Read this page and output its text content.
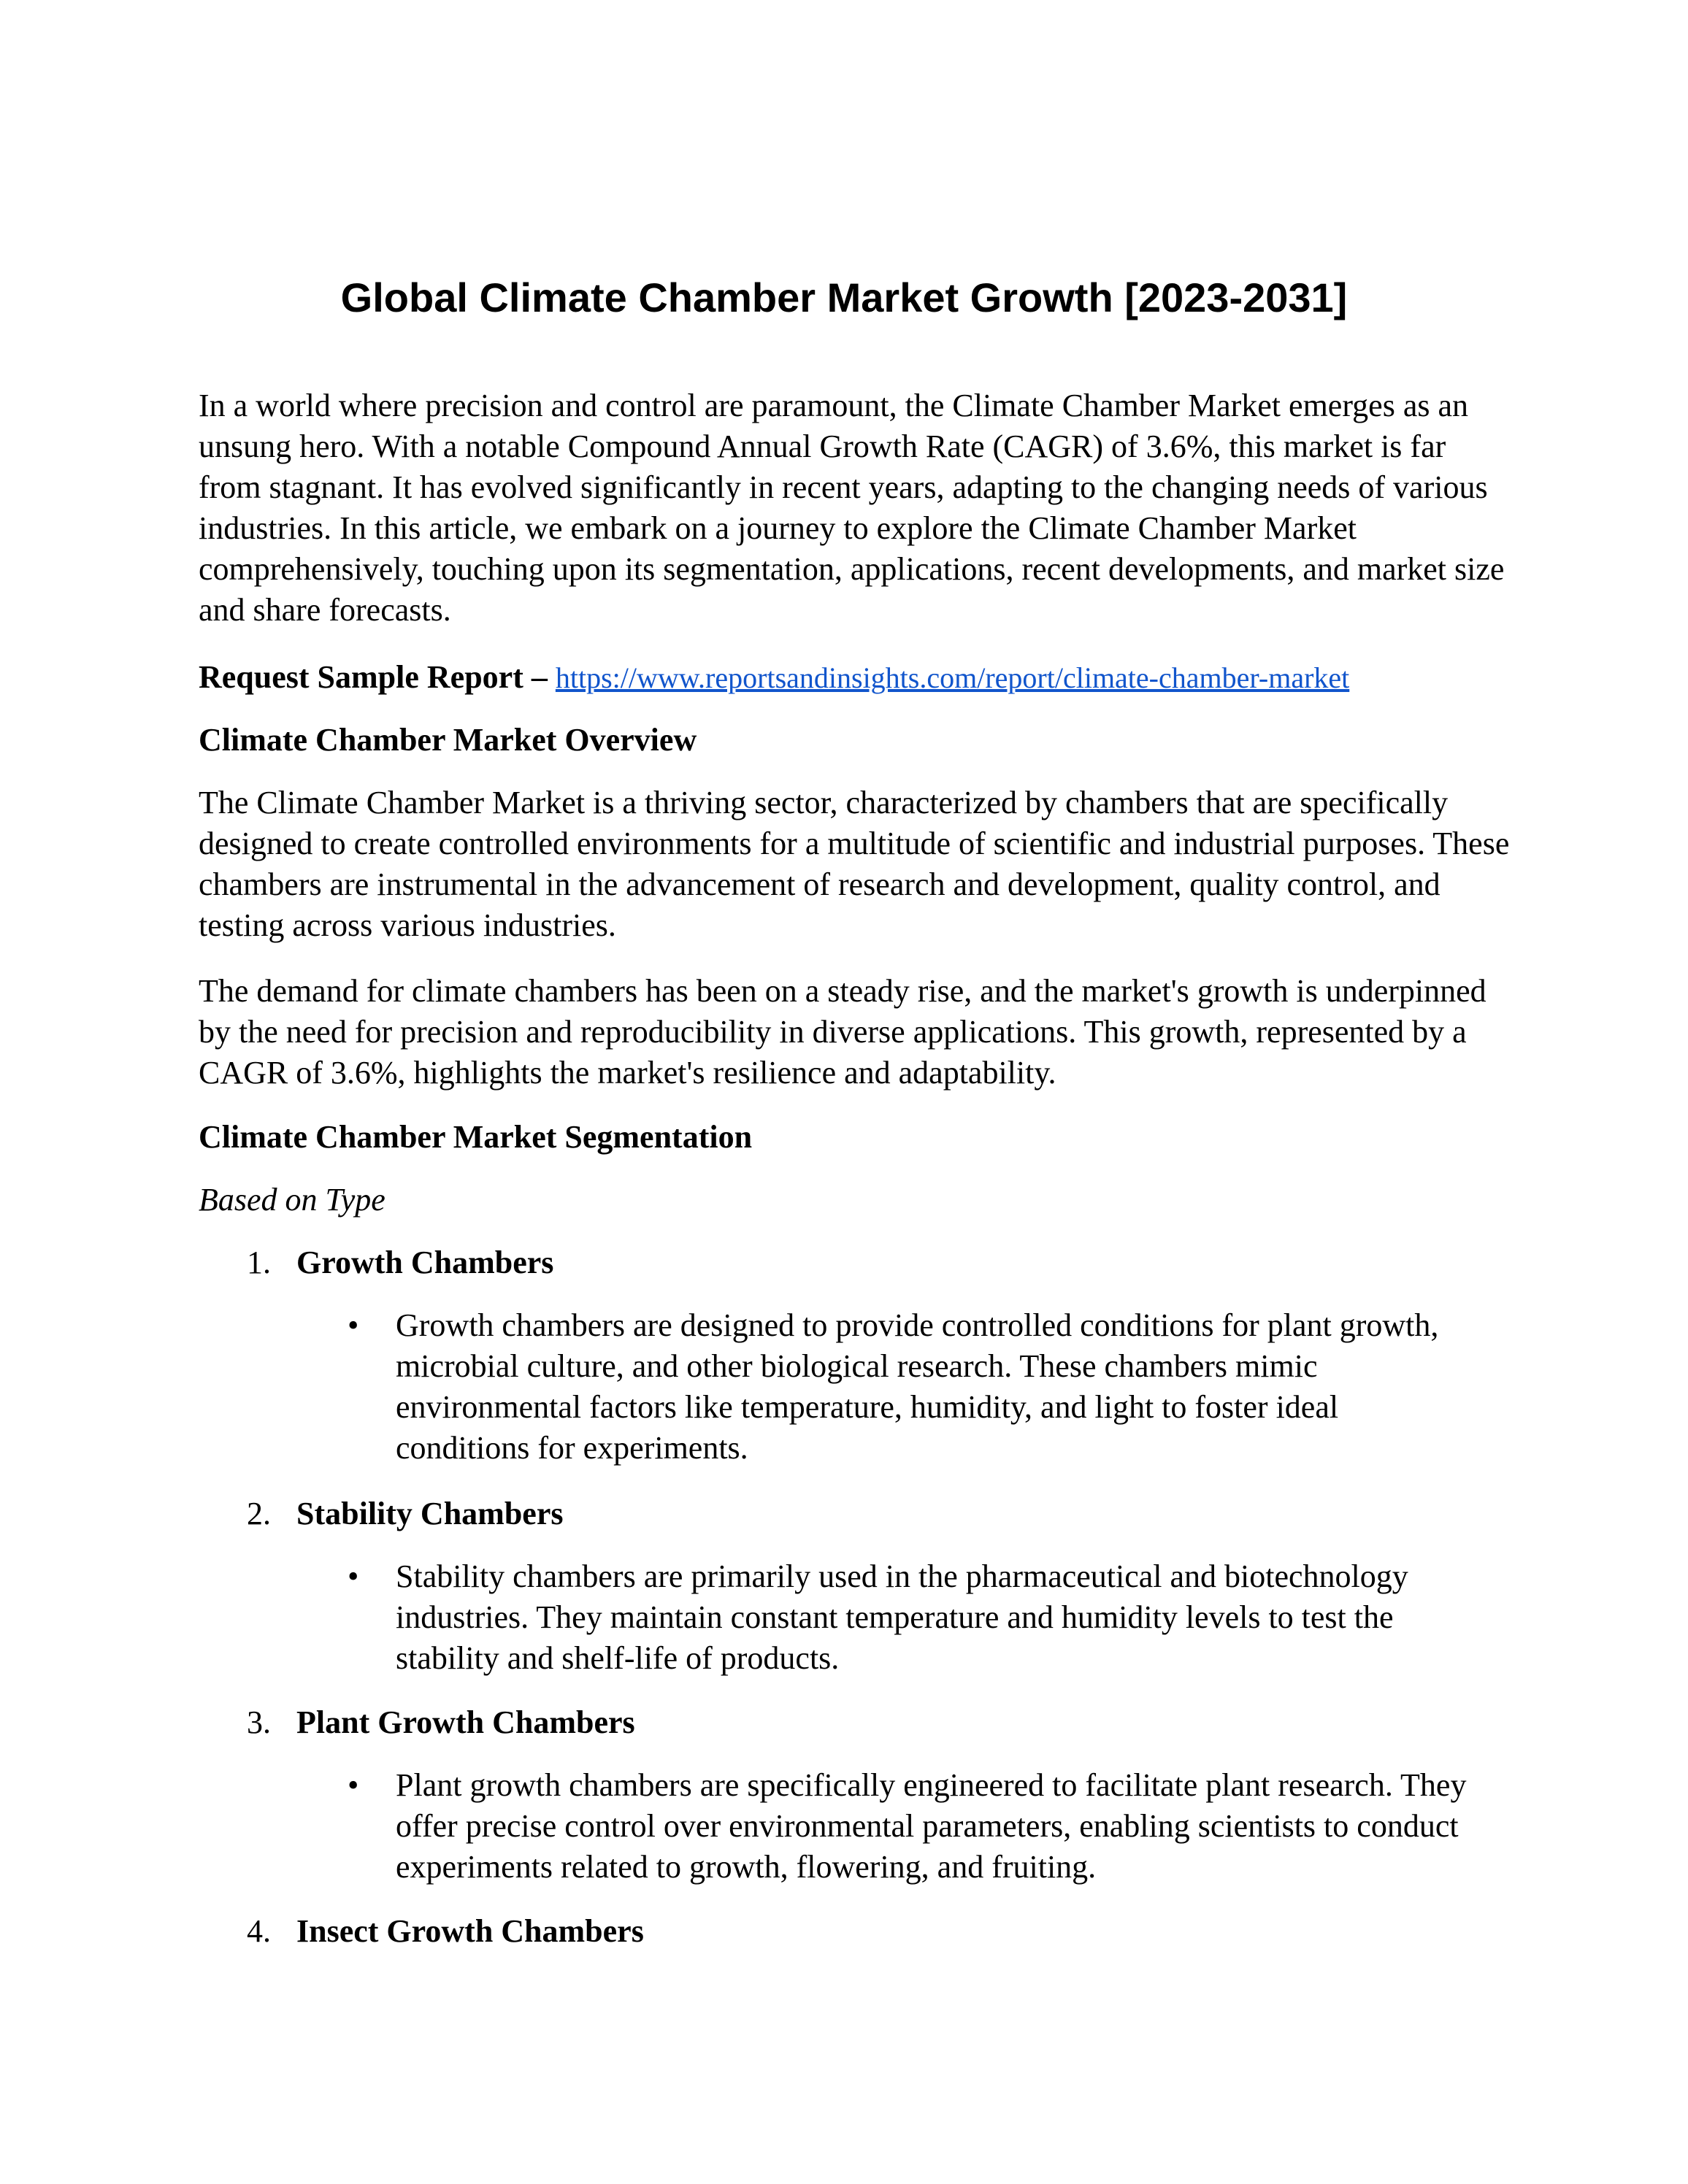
Global Climate Chamber Market Growth [2023-2031]

In a world where precision and control are paramount, the Climate Chamber Market emerges as an unsung hero. With a notable Compound Annual Growth Rate (CAGR) of 3.6%, this market is far from stagnant. It has evolved significantly in recent years, adapting to the changing needs of various industries. In this article, we embark on a journey to explore the Climate Chamber Market comprehensively, touching upon its segmentation, applications, recent developments, and market size and share forecasts.

Request Sample Report – https://www.reportsandinsights.com/report/climate-chamber-market

Climate Chamber Market Overview

The Climate Chamber Market is a thriving sector, characterized by chambers that are specifically designed to create controlled environments for a multitude of scientific and industrial purposes. These chambers are instrumental in the advancement of research and development, quality control, and testing across various industries.

The demand for climate chambers has been on a steady rise, and the market's growth is underpinned by the need for precision and reproducibility in diverse applications. This growth, represented by a CAGR of 3.6%, highlights the market's resilience and adaptability.

Climate Chamber Market Segmentation

Based on Type

1. Growth Chambers
• Growth chambers are designed to provide controlled conditions for plant growth, microbial culture, and other biological research. These chambers mimic environmental factors like temperature, humidity, and light to foster ideal conditions for experiments.
2. Stability Chambers
• Stability chambers are primarily used in the pharmaceutical and biotechnology industries. They maintain constant temperature and humidity levels to test the stability and shelf-life of products.
3. Plant Growth Chambers
• Plant growth chambers are specifically engineered to facilitate plant research. They offer precise control over environmental parameters, enabling scientists to conduct experiments related to growth, flowering, and fruiting.
4. Insect Growth Chambers
